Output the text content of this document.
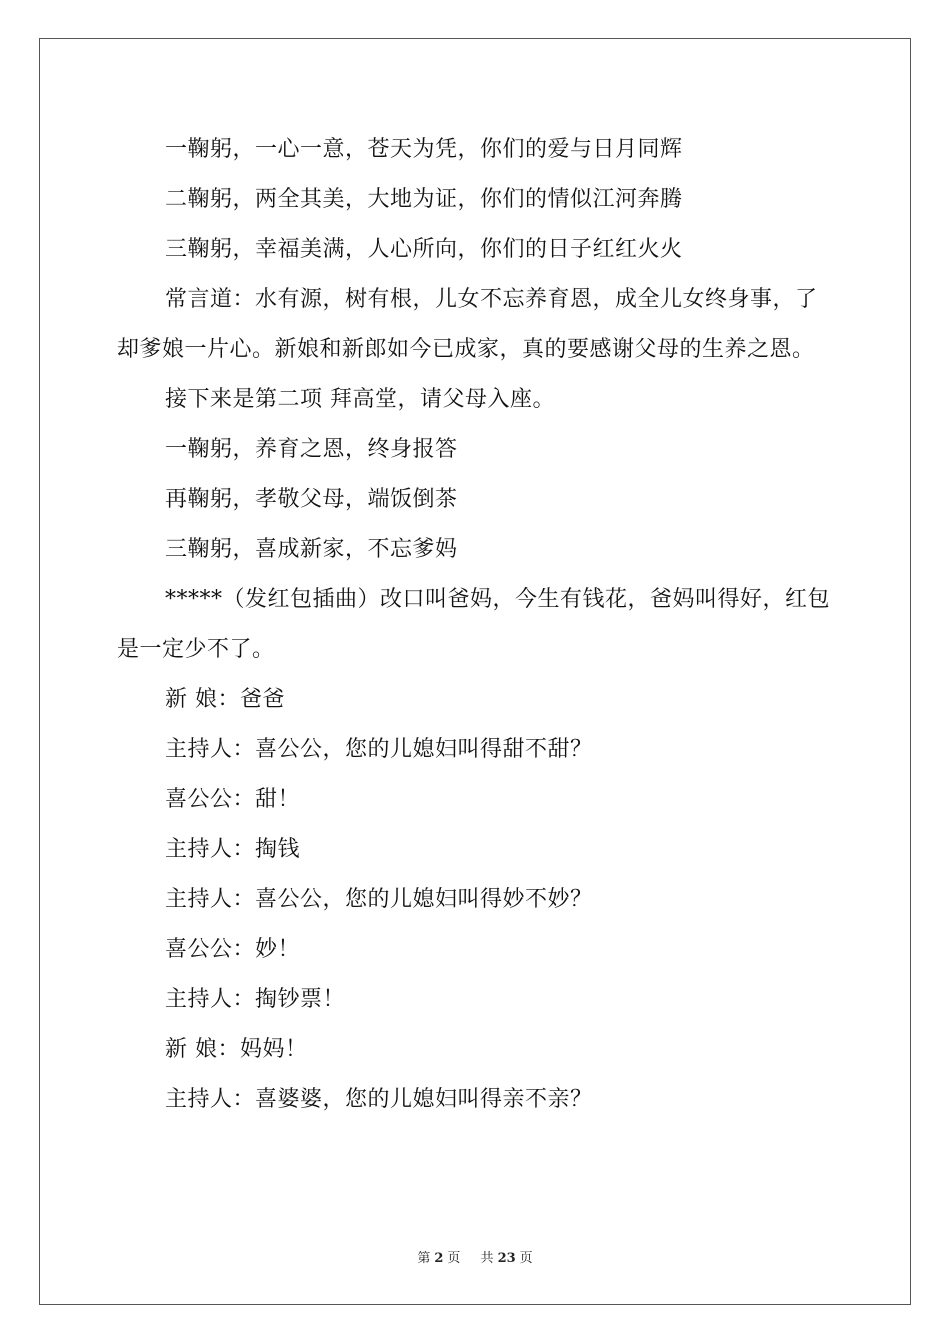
一鞠躬，一心一意，苍天为凭，你们的爱与日月同辉

二鞠躬，两全其美，大地为证，你们的情似江河奔腾

三鞠躬，幸福美满，人心所向，你们的日子红红火火

常言道：水有源，树有根，儿女不忘养育恩，成全儿女终身事，了却爹娘一片心。新娘和新郎如今已成家，真的要感谢父母的生养之恩。

接下来是第二项 拜高堂，请父母入座。

一鞠躬，养育之恩，终身报答

再鞠躬，孝敬父母，端饭倒茶

三鞠躬，喜成新家，不忘爹妈

*****（发红包插曲）改口叫爸妈，今生有钱花，爸妈叫得好，红包是一定少不了。

新 娘：爸爸

主持人：喜公公，您的儿媳妇叫得甜不甜？

喜公公：甜！

主持人：掏钱

主持人：喜公公，您的儿媳妇叫得妙不妙？

喜公公：妙！

主持人：掏钞票！

新 娘：妈妈！

主持人：喜婆婆，您的儿媳妇叫得亲不亲？

第 2 页 共 23 页
